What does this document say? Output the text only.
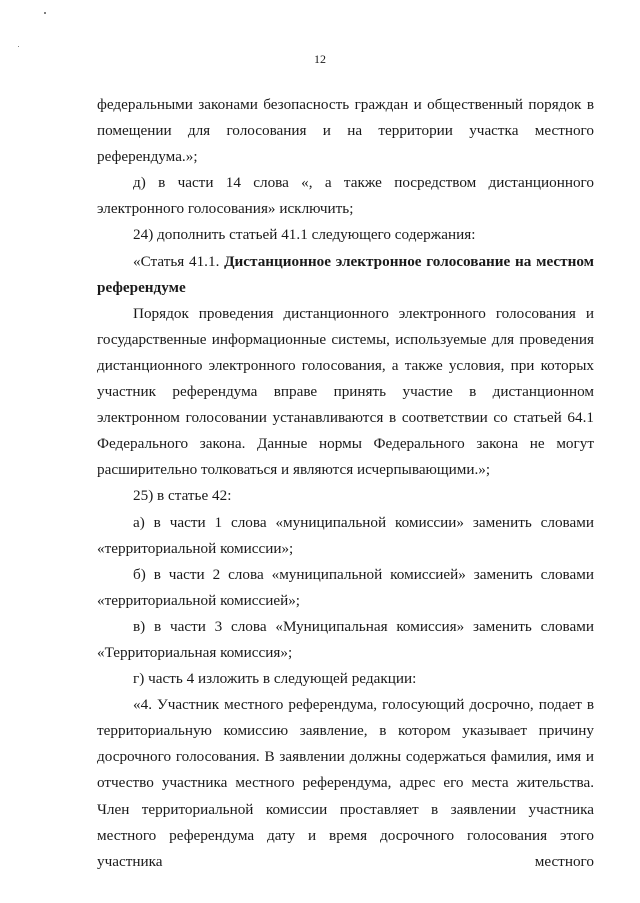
12

федеральными законами безопасность граждан и общественный порядок в помещении для голосования и на территории участка местного референдума.»;

д) в части 14 слова «, а также посредством дистанционного электронного голосования» исключить;

24) дополнить статьей 41.1 следующего содержания:

«Статья 41.1. Дистанционное электронное голосование на местном референдуме

Порядок проведения дистанционного электронного голосования и государственные информационные системы, используемые для проведения дистанционного электронного голосования, а также условия, при которых участник референдума вправе принять участие в дистанционном электронном голосовании устанавливаются в соответствии со статьей 64.1 Федерального закона. Данные нормы Федерального закона не могут расширительно толковаться и являются исчерпывающими.»;

25) в статье 42:

а) в части 1 слова «муниципальной комиссии» заменить словами «территориальной комиссии»;

б) в части 2 слова «муниципальной комиссией» заменить словами «территориальной комиссией»;

в) в части 3 слова «Муниципальная комиссия» заменить словами «Территориальная комиссия»;

г) часть 4 изложить в следующей редакции:

«4. Участник местного референдума, голосующий досрочно, подает в территориальную комиссию заявление, в котором указывает причину досрочного голосования. В заявлении должны содержаться фамилия, имя и отчество участника местного референдума, адрес его места жительства. Член территориальной комиссии проставляет в заявлении участника местного референдума дату и время досрочного голосования этого участника местного
